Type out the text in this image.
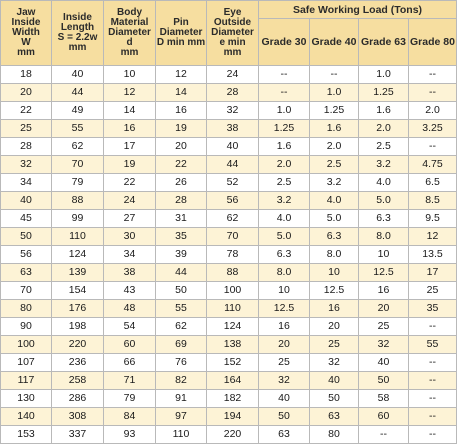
Jaw
Inside
Width
W
mm	Inside
Length
S = 2.2w
mm	Body
Material
Diameter
d
mm	Pin
Diameter
D min mm	Eye
Outside
Diameter
e min
mm	Safe Working Load (Tons)			
					Grade 30	Grade 40	Grade 63	Grade 80
18	40	10	12	24	--	--	1.0	--
20	44	12	14	28	--	1.0	1.25	--
22	49	14	16	32	1.0	1.25	1.6	2.0
25	55	16	19	38	1.25	1.6	2.0	3.25
28	62	17	20	40	1.6	2.0	2.5	--
32	70	19	22	44	2.0	2.5	3.2	4.75
34	79	22	26	52	2.5	3.2	4.0	6.5
40	88	24	28	56	3.2	4.0	5.0	8.5
45	99	27	31	62	4.0	5.0	6.3	9.5
50	110	30	35	70	5.0	6.3	8.0	12
56	124	34	39	78	6.3	8.0	10	13.5
63	139	38	44	88	8.0	10	12.5	17
70	154	43	50	100	10	12.5	16	25
80	176	48	55	110	12.5	16	20	35
90	198	54	62	124	16	20	25	--
100	220	60	69	138	20	25	32	55
107	236	66	76	152	25	32	40	--
117	258	71	82	164	32	40	50	--
130	286	79	91	182	40	50	58	--
140	308	84	97	194	50	63	60	--
153	337	93	110	220	63	80	--	--
